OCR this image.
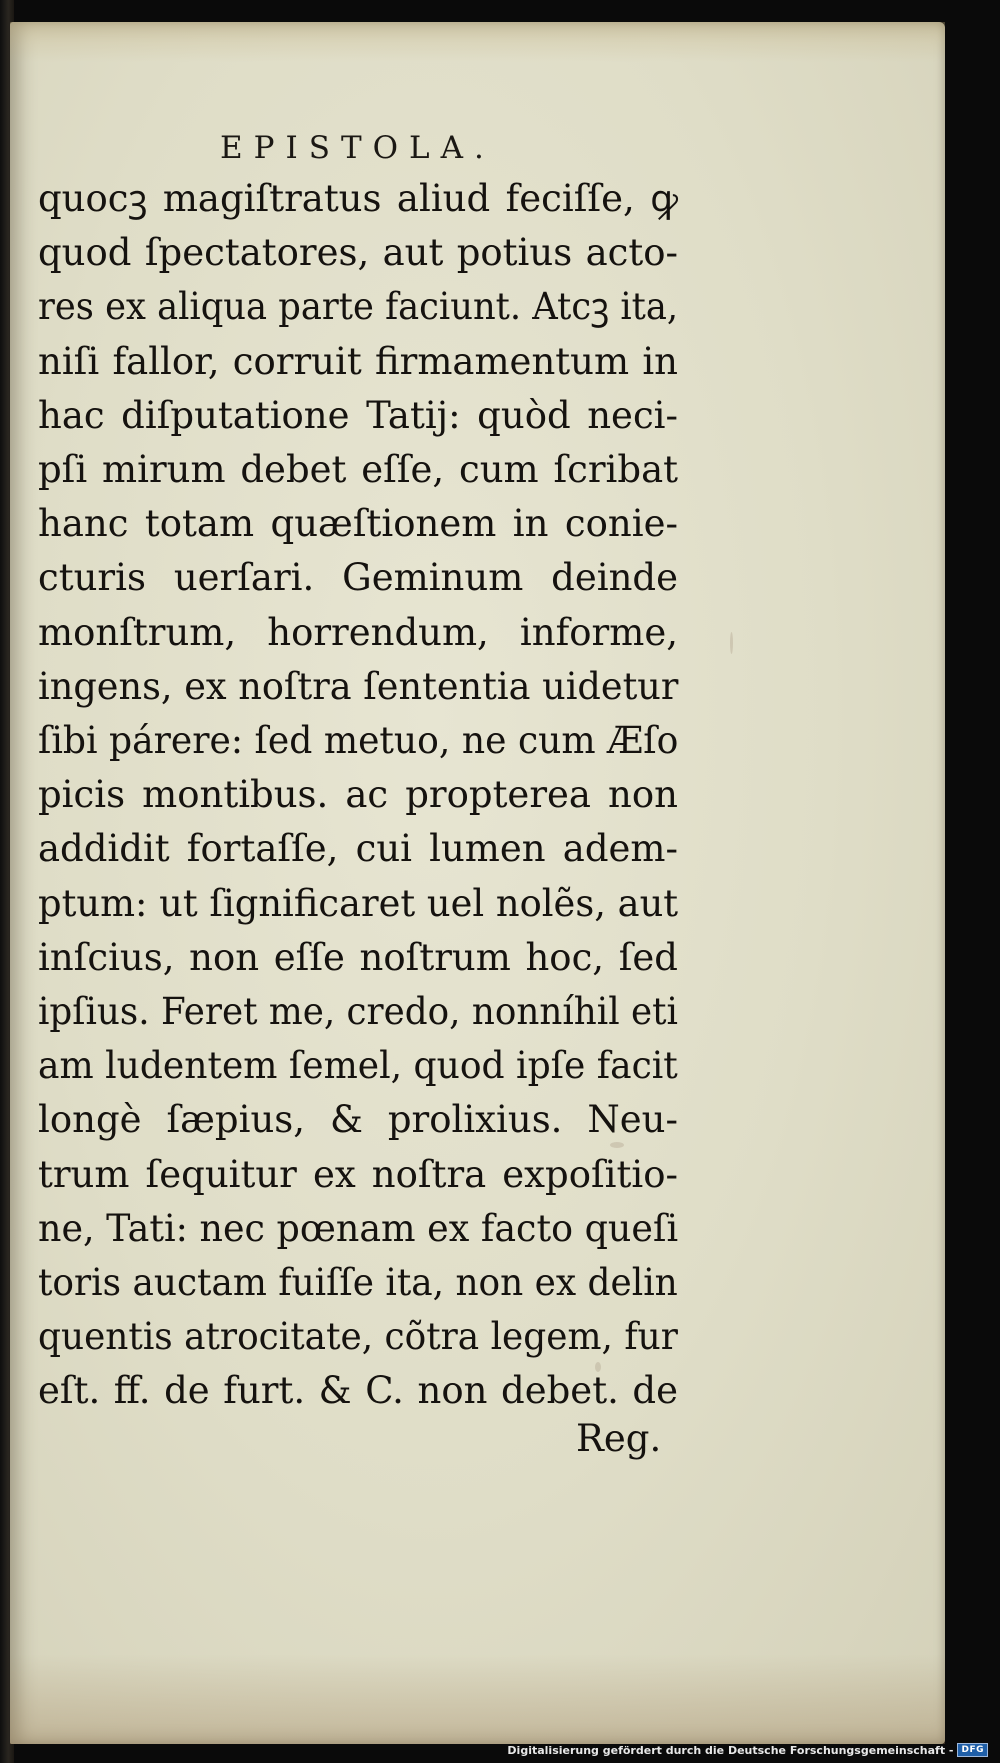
EPISTOLA.
quocꝫ magiſtratus aliud feciſſe, ꝙ
quod ſpectatores, aut potius acto-
res ex aliqua parte faciunt. Atcꝫ ita,
niſi fallor, corruit firmamentum in
hac diſputatione Tatij: quòd neci-
pſi mirum debet eſſe, cum ſcribat
hanc totam quæſtionem in conie-
cturis uerſari. Geminum deinde
monſtrum, horrendum, informe,
ingens, ex noſtra ſententia uidetur
ſibi párere: ſed metuo, ne cum Æſo
picis montibus. ac propterea non
addidit fortaſſe, cui lumen adem-
ptum: ut ſignificaret uel nolẽs, aut
inſcius, non eſſe noſtrum hoc, ſed
ipſius. Feret me, credo, nonníhil eti
am ludentem ſemel, quod ipſe facit
longè ſæpius, & prolixius. Neu-
trum ſequitur ex noſtra expoſitio-
ne, Tati: nec pœnam ex facto queſi
toris auctam fuiſſe ita, non ex delin
quentis atrocitate, cõtra legem, fur
eſt. ff. de furt. & C. non debet. de
Reg.
Digitalisierung gefördert durch die Deutsche Forschungsgemeinschaft - DFG
